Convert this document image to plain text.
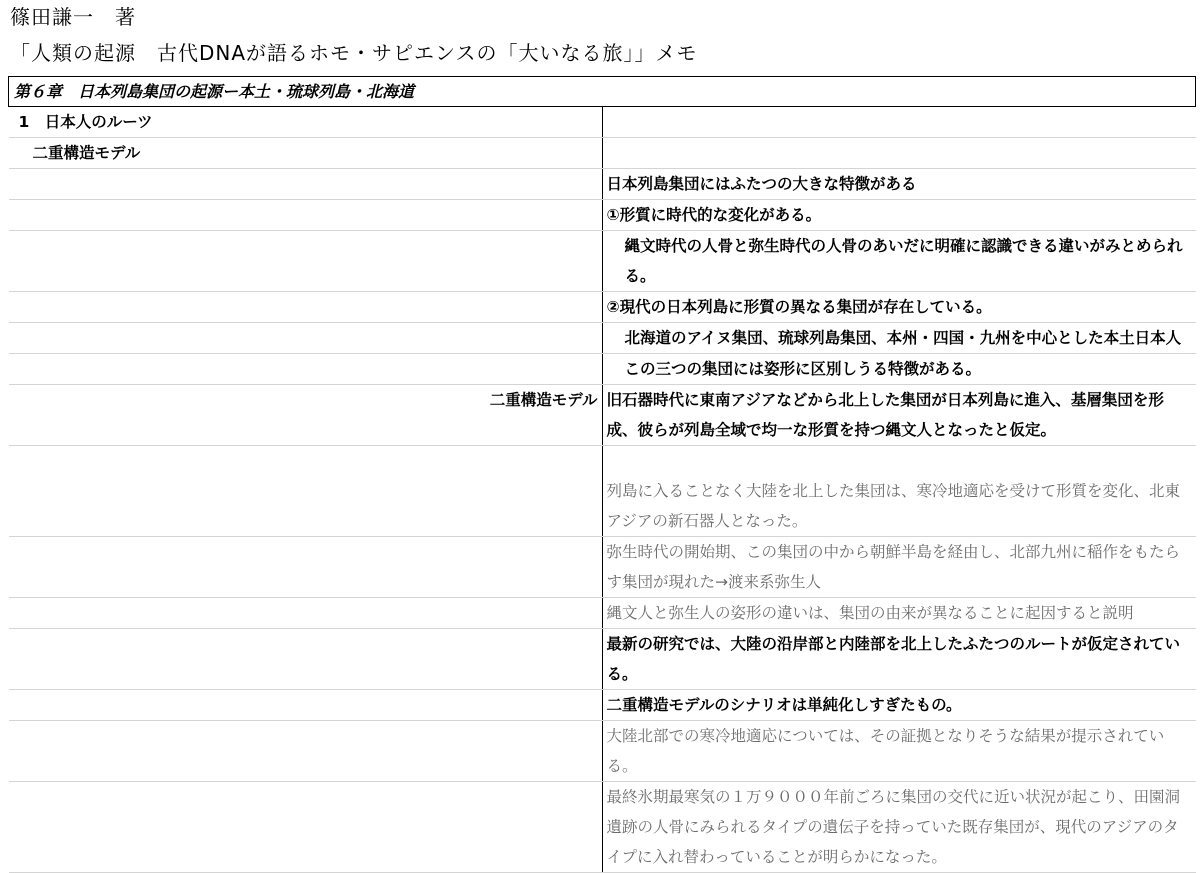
篠田謙一　著
「人類の起源　古代DNAが語るホモ・サピエンスの「大いなる旅」」メモ
第６章　日本列島集団の起源ー本土・琉球列島・北海道	
1　日本人のルーツ	
二重構造モデル	
	日本列島集団にはふたつの大きな特徴がある
	①形質に時代的な変化がある。
	縄文時代の人骨と弥生時代の人骨のあいだに明確に認識できる違いがみとめられる。
	②現代の日本列島に形質の異なる集団が存在している。
	北海道のアイヌ集団、琉球列島集団、本州・四国・九州を中心とした本土日本人
	この三つの集団には姿形に区別しうる特徴がある。
二重構造モデル	旧石器時代に東南アジアなどから北上した集団が日本列島に進入、基層集団を形成、彼らが列島全域で均一な形質を持つ縄文人となったと仮定。
	列島に入ることなく大陸を北上した集団は、寒冷地適応を受けて形質を変化、北東アジアの新石器人となった。
	弥生時代の開始期、この集団の中から朝鮮半島を経由し、北部九州に稲作をもたらす集団が現れた→渡来系弥生人
	縄文人と弥生人の姿形の違いは、集団の由来が異なることに起因すると説明
	最新の研究では、大陸の沿岸部と内陸部を北上したふたつのルートが仮定されている。
	二重構造モデルのシナリオは単純化しすぎたもの。
	大陸北部での寒冷地適応については、その証拠となりそうな結果が提示されている。
	最終氷期最寒気の１万９０００年前ごろに集団の交代に近い状況が起こり、田園洞遺跡の人骨にみられるタイプの遺伝子を持っていた既存集団が、現代のアジアのタイプに入れ替わっていることが明らかになった。
